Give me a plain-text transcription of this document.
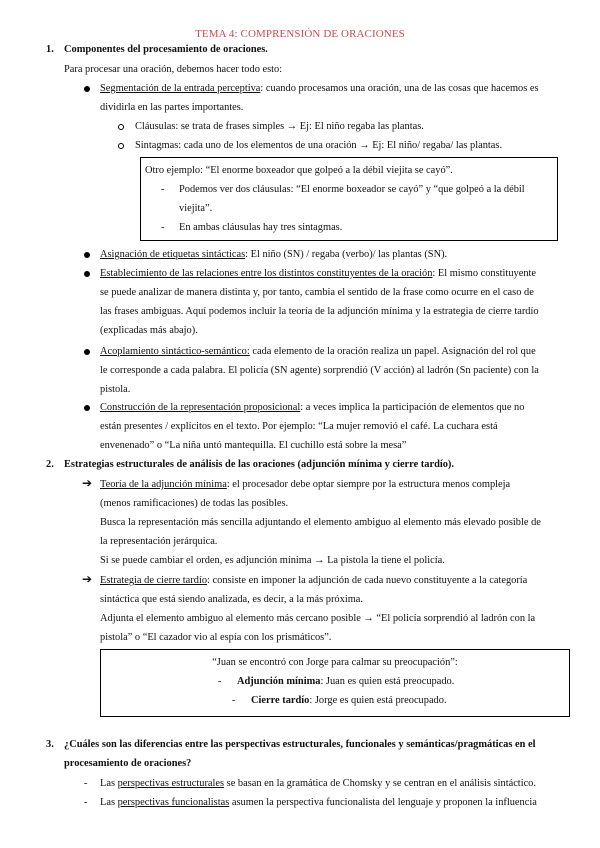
TEMA 4: COMPRENSIÓN DE ORACIONES
1. Componentes del procesamiento de oraciones.
Para procesar una oración, debemos hacer todo esto:
Segmentación de la entrada perceptiva: cuando procesamos una oración, una de las cosas que hacemos es
dividirla en las partes importantes.
Cláusulas: se trata de frases simples → Ej: El niño regaba las plantas.
Sintagmas: cada uno de los elementos de una oración → Ej: El niño/ regaba/ las plantas.
Otro ejemplo: “El enorme boxeador que golpeó a la débil viejita se cayó”.
- Podemos ver dos cláusulas: “El enorme boxeador se cayó” y “que golpeó a la débil
viejita”.
- En ambas cláusulas hay tres sintagmas.
Asignación de etiquetas sintácticas: El niño (SN) / regaba (verbo)/ las plantas (SN).
Establecimiento de las relaciones entre los distintos constituyentes de la oración: El mismo constituyente
se puede analizar de manera distinta y, por tanto, cambia el sentido de la frase como ocurre en el caso de
las frases ambiguas. Aquí podemos incluir la teoría de la adjunción mínima y la estrategia de cierre tardío
(explicadas más abajo).
Acoplamiento sintáctico-semántico: cada elemento de la oración realiza un papel. Asignación del rol que
le corresponde a cada palabra. El policía (SN agente) sorprendió (V acción) al ladrón (Sn paciente) con la
pistola.
Construcción de la representación proposicional: a veces implica la participación de elementos que no
están presentes / explícitos en el texto. Por ejemplo: “La mujer removió el café. La cuchara está
envenenado” o “La niña untó mantequilla. El cuchillo está sobre la mesa”
2. Estrategias estructurales de análisis de las oraciones (adjunción mínima y cierre tardío).
➔ Teoría de la adjunción mínima: el procesador debe optar siempre por la estructura menos compleja
(menos ramificaciones) de todas las posibles.
Busca la representación más sencilla adjuntando el elemento ambiguo al elemento más elevado posible de
la representación jerárquica.
Si se puede cambiar el orden, es adjunción mínima → La pistola la tiene el policía.
➔ Estrategia de cierre tardío: consiste en imponer la adjunción de cada nuevo constituyente a la categoría
sintáctica que está siendo analizada, es decir, a la más próxima.
Adjunta el elemento ambiguo al elemento más cercano posible → “El policía sorprendió al ladrón con la
pistola” o “El cazador vio al espía con los prismáticos”.
“Juan se encontró con Jorge para calmar su preocupación”:
- Adjunción mínima: Juan es quien está preocupado.
- Cierre tardío: Jorge es quien está preocupado.
3. ¿Cuáles son las diferencias entre las perspectivas estructurales, funcionales y semánticas/pragmáticas en el
procesamiento de oraciones?
- Las perspectivas estructurales se basan en la gramática de Chomsky y se centran en el análisis sintáctico.
- Las perspectivas funcionalistas asumen la perspectiva funcionalista del lenguaje y proponen la influencia
